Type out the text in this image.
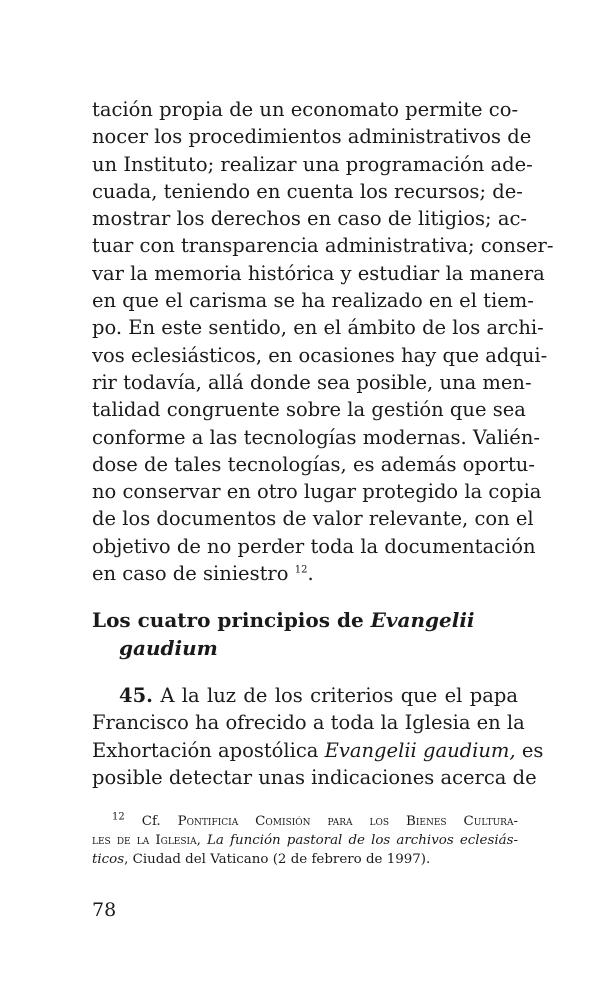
tación propia de un economato permite co-
nocer los procedimientos administrativos de
un Instituto; realizar una programación ade-
cuada, teniendo en cuenta los recursos; de-
mostrar los derechos en caso de litigios; ac-
tuar con transparencia administrativa; conser-
var la memoria histórica y estudiar la manera
en que el carisma se ha realizado en el tiem-
po. En este sentido, en el ámbito de los archi-
vos eclesiásticos, en ocasiones hay que adqui-
rir todavía, allá donde sea posible, una men-
talidad congruente sobre la gestión que sea
conforme a las tecnologías modernas. Valién-
dose de tales tecnologías, es además oportu-
no conservar en otro lugar protegido la copia
de los documentos de valor relevante, con el
objetivo de no perder toda la documentación
en caso de siniestro $^{12}$.
Los cuatro principios de Evangelii
gaudium
45. A la luz de los criterios que el papa
Francisco ha ofrecido a toda la Iglesia en la
Exhortación apostólica Evangelii gaudium, es
posible detectar unas indicaciones acerca de
$^{12}$ Cf. Pontificia Comisión para los Bienes Cultura-
les de la Iglesia, La función pastoral de los archivos eclesiás-
ticos, Ciudad del Vaticano (2 de febrero de 1997).
78
